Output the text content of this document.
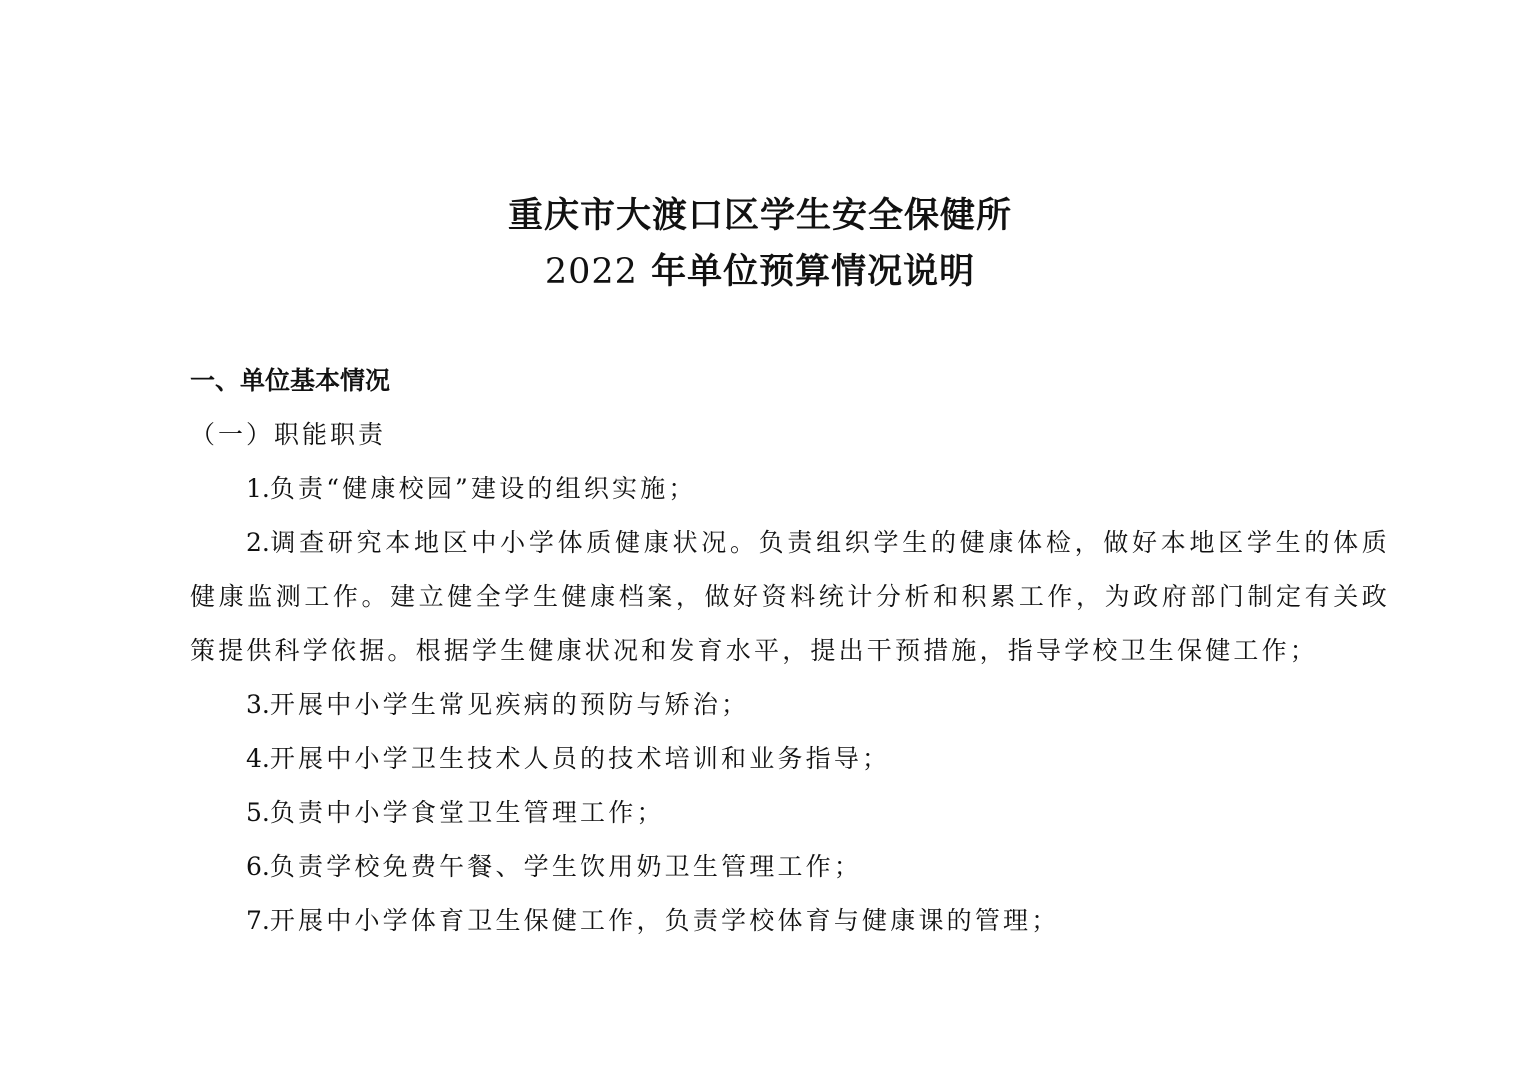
重庆市大渡口区学生安全保健所
2022 年单位预算情况说明
一、单位基本情况
（一）职能职责
1.负责“健康校园”建设的组织实施；
2.调查研究本地区中小学体质健康状况。负责组织学生的健康体检，做好本地区学生的体质健康监测工作。建立健全学生健康档案，做好资料统计分析和积累工作，为政府部门制定有关政策提供科学依据。根据学生健康状况和发育水平，提出干预措施，指导学校卫生保健工作；
3.开展中小学生常见疾病的预防与矫治；
4.开展中小学卫生技术人员的技术培训和业务指导；
5.负责中小学食堂卫生管理工作；
6.负责学校免费午餐、学生饮用奶卫生管理工作；
7.开展中小学体育卫生保健工作，负责学校体育与健康课的管理；
